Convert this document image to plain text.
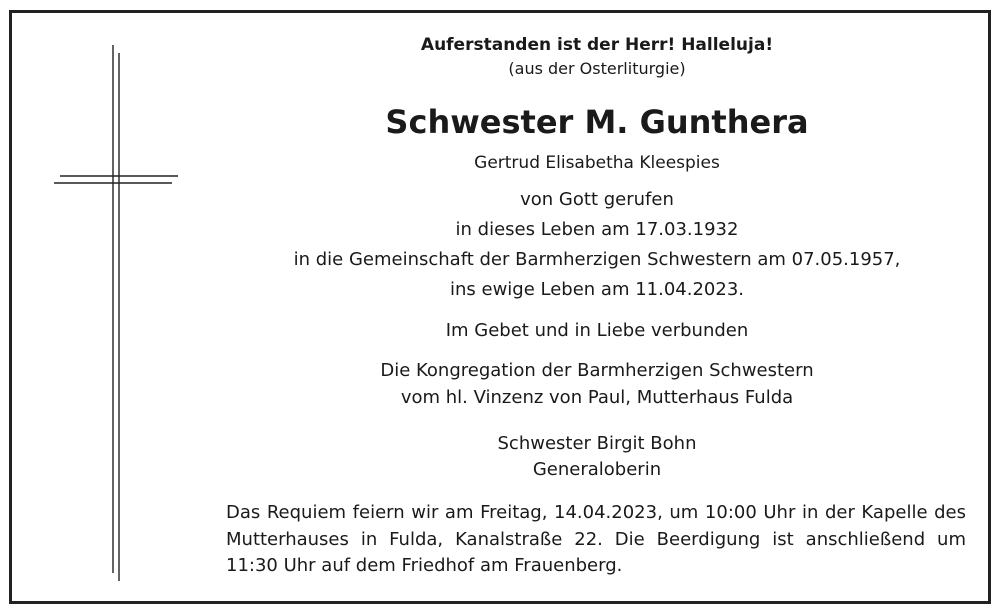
Auferstanden ist der Herr! Halleluja!
(aus der Osterliturgie)
Schwester M. Gunthera
Gertrud Elisabetha Kleespies
von Gott gerufen
in dieses Leben am 17.03.1932
in die Gemeinschaft der Barmherzigen Schwestern am 07.05.1957,
ins ewige Leben am 11.04.2023.
Im Gebet und in Liebe verbunden
Die Kongregation der Barmherzigen Schwestern
vom hl. Vinzenz von Paul, Mutterhaus Fulda
Schwester Birgit Bohn
Generaloberin
Das Requiem feiern wir am Freitag, 14.04.2023, um 10:00 Uhr in der Kapelle des Mutterhauses in Fulda, Kanalstraße 22. Die Beerdigung ist anschließend um 11:30 Uhr auf dem Friedhof am Frauenberg.
